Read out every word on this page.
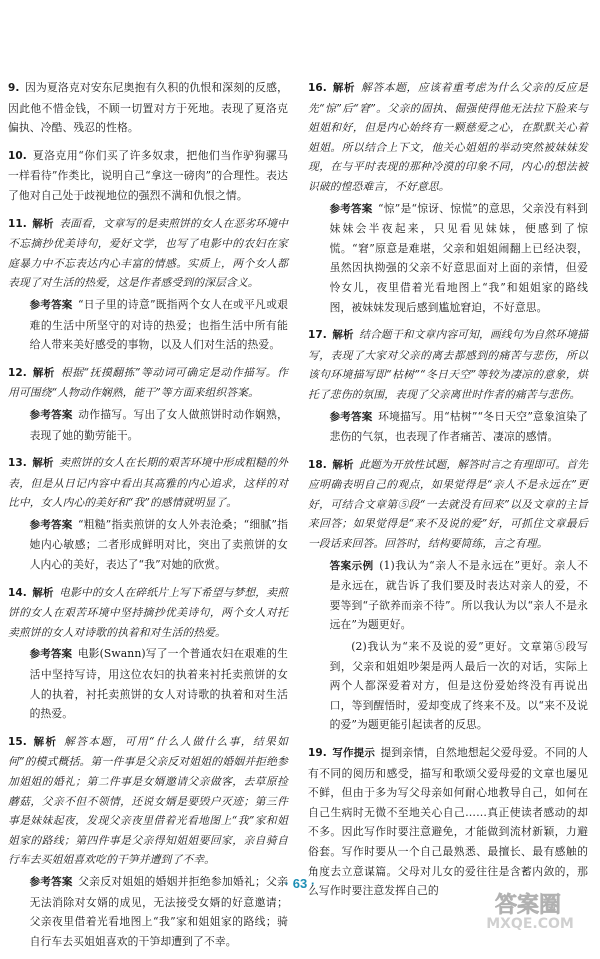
9.  因为夏洛克对安东尼奥抱有久积的仇恨和深刻的反感，因此他不惜金钱，不顾一切置对方于死地。表现了夏洛克偏执、冷酷、残忍的性格。

10.  夏洛克用“你们买了许多奴隶，把他们当作驴狗骡马一样看待”作类比，说明自己“拿这一磅肉”的合理性。表达了他对自己处于歧视地位的强烈不满和仇恨之情。

11.  解析  表面看，文章写的是卖煎饼的女人在恶劣环境中不忘摘抄优美诗句，爱好文学，也写了电影中的农妇在家庭暴力中不忘表达内心丰富的情感。实质上，两个女人都表现了对生活的热爱，这是作者感受到的深层含义。

参考答案  “日子里的诗意”既指两个女人在或平凡或艰难的生活中所坚守的对诗的热爱；也指生活中所有能给人带来美好感受的事物，以及人们对生活的热爱。

12.  解析  根据“抚摸翻拣”等动词可确定是动作描写。作用可围绕“人物动作娴熟，能干”等方面来组织答案。

参考答案  动作描写。写出了女人做煎饼时动作娴熟，表现了她的勤劳能干。

13.  解析  卖煎饼的女人在长期的艰苦环境中形成粗糙的外表，但是从日记内容中看出其高雅的内心追求，这样的对比中，女人内心的美好和“我”的感情就明显了。

参考答案  “粗糙”指卖煎饼的女人外表沧桑；“细腻”指她内心敏感；二者形成鲜明对比，突出了卖煎饼的女人内心的美好，表达了“我”对她的欣赏。

14.  解析  电影中的女人在碎纸片上写下希望与梦想，卖煎饼的女人在艰苦环境中坚持摘抄优美诗句，两个女人对托卖煎饼的女人对诗歌的执着和对生活的热爱。

参考答案  电影(Swann)写了一个普通农妇在艰难的生活中坚持写诗，用这位农妇的执着来衬托卖煎饼的女人的执着，衬托卖煎饼的女人对诗歌的执着和对生活的热爱。

15.  解析  解答本题，可用“什么人做什么事，结果如何”的模式概括。第一件事是父亲反对姐姐的婚姻并拒绝参加姐姐的婚礼；第二件事是女婿邀请父亲做客，去草原捡蘑菇，父亲不但不领情，还说女婿是要毁户灭迹；第三件事是妹妹起夜，发现父亲夜里借着光看地图上“我”家和姐姐家的路线；第四件事是父亲得知姐姐要回家，亲自骑自行车去买姐姐喜欢吃的干笋并遭到了不幸。

参考答案  父亲反对姐姐的婚姻并拒绝参加婚礼；父亲无法消除对女婿的成见，无法接受女婿的好意邀请；父亲夜里借着光看地图上“我”家和姐姐家的路线；骑自行车去买姐姐喜欢的干笋却遭到了不幸。

16.  解析  解答本题，应该着重考虑为什么父亲的反应是先“惊”后“窘”。父亲的固执、倔强使得他无法拉下脸来与姐姐和好，但是内心始终有一颗慈爱之心，在默默关心着姐姐。所以结合上下文，他关心姐姐的举动突然被妹妹发现，在与平时表现的那种冷漠的印象不同，内心的想法被识破的惶恐难言，不好意思。

参考答案  “惊”是“惊讶、惊慌”的意思，父亲没有料到妹妹会半夜起来，只见看见妹妹，便感到了惊慌。“窘”原意是难堪，父亲和姐姐闹翻上已经决裂，虽然因执拗强的父亲不好意思面对上面的亲情，但爱怜女儿，夜里借着光看地图上“我”和姐姐家的路线图，被妹妹发现后感到尴尬窘迫，不好意思。

17.  解析  结合题干和文章内容可知，画线句为自然环境描写，表现了大家对父亲的离去都感到的痛苦与悲伤，所以该句环境描写即“枯树”“冬日天空”等较为凄凉的意象，烘托了悲伤的氛围，表现了父亲离世时作者的痛苦与悲伤。

参考答案  环境描写。用“枯树”“冬日天空”意象渲染了悲伤的气氛，也表现了作者痛苦、凄凉的感情。

18.  解析  此题为开放性试题，解答时言之有理即可。首先应明确表明自己的观点，如果觉得是“亲人不是永远在”更好，可结合文章第⑤段“一去就没有回来”以及文章的主旨来回答；如果觉得是“来不及说的爱”好，可抓住文章最后一段话来回答。回答时，结构要简练，言之有理。

答案示例  (1)我认为“亲人不是永远在”更好。亲人不是永远在，就告诉了我们要及时表达对亲人的爱，不要等到“子欲养而亲不待”。所以我认为以“亲人不是永远在”为题更好。

(2)我认为“来不及说的爱”更好。文章第⑤段写到，父亲和姐姐吵架是两人最后一次的对话，实际上两个人都深爱着对方，但是这份爱始终没有再说出口，等到醒悟时，爱却变成了终来不及。以“来不及说的爱”为题更能引起读者的反思。

19.  写作提示  提到亲情，自然地想起父爱母爱。不同的人有不同的阅历和感受，描写和歌颂父爱母爱的文章也屡见不鲜，但由于多为写父母亲如何耐心地教导自己，如何在自己生病时无微不至地关心自己……真正使读者感动的却不多。因此写作时要注意避免，才能做到流材新颖，力避俗套。写作时要从一个自己最熟悉、最擅长、最有感触的角度去立意谋篇。父母对儿女的爱往往是含蓄内敛的，那么写作时要注意发挥自己的

· 63 ·
答案圈
MXQE.COM
